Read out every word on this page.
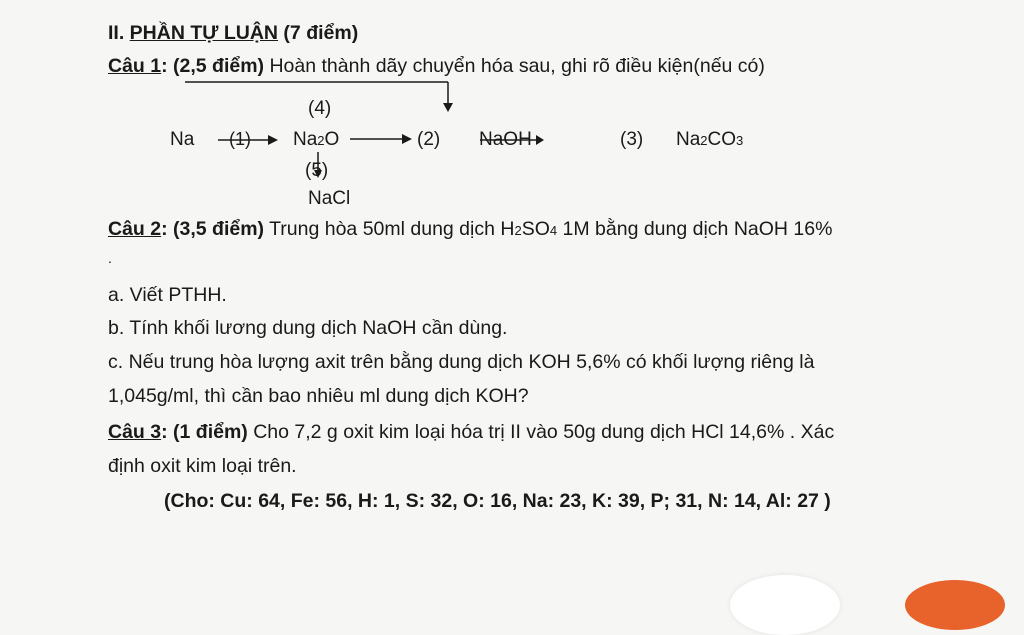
II. PHẦN TỰ LUẬN (7 điểm)
Câu 1: (2,5 điểm) Hoàn thành dãy chuyển hóa sau, ghi rõ điều kiện(nếu có)
(4)
Na (1) Na2O	(2) NaOH	(3) Na2CO3
(5)
NaCl
Câu 2: (3,5 điểm) Trung hòa 50ml dung dịch H2SO4 1M bằng dung dịch NaOH 16%
.
a. Viết PTHH.
b. Tính khối lương dung dịch NaOH cần dùng.
c. Nếu trung hòa lượng axit trên bằng dung dịch KOH 5,6% có khối lượng riêng là
1,045g/ml, thì cần bao nhiêu ml dung dịch KOH?
Câu 3: (1 điểm) Cho 7,2 g oxit kim loại hóa trị II vào 50g dung dịch HCl 14,6% . Xác
định oxit kim loại trên.
(Cho: Cu: 64, Fe: 56, H: 1, S: 32, O: 16, Na: 23, K: 39, P; 31, N: 14, Al: 27 )
